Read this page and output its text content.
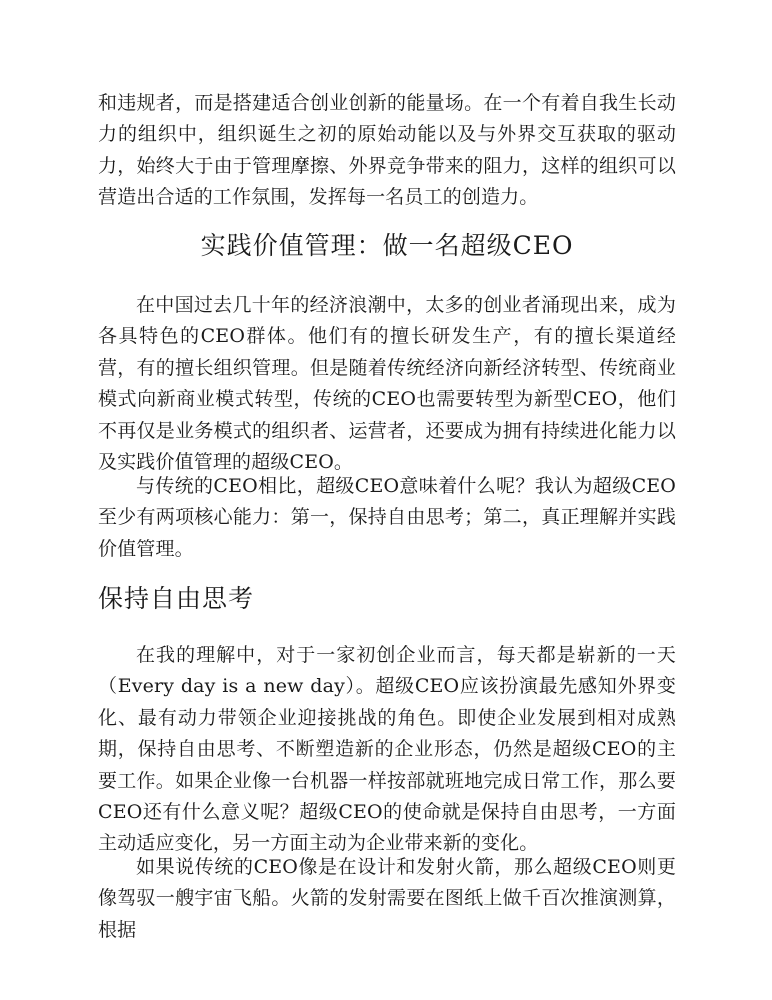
和违规者，而是搭建适合创业创新的能量场。在一个有着自我生长动力的组织中，组织诞生之初的原始动能以及与外界交互获取的驱动力，始终大于由于管理摩擦、外界竞争带来的阻力，这样的组织可以营造出合适的工作氛围，发挥每一名员工的创造力。

实践价值管理：做一名超级CEO

在中国过去几十年的经济浪潮中，太多的创业者涌现出来，成为各具特色的CEO群体。他们有的擅长研发生产，有的擅长渠道经营，有的擅长组织管理。但是随着传统经济向新经济转型、传统商业模式向新商业模式转型，传统的CEO也需要转型为新型CEO，他们不再仅是业务模式的组织者、运营者，还要成为拥有持续进化能力以及实践价值管理的超级CEO。

与传统的CEO相比，超级CEO意味着什么呢？我认为超级CEO至少有两项核心能力：第一，保持自由思考；第二，真正理解并实践价值管理。

保持自由思考

在我的理解中，对于一家初创企业而言，每天都是崭新的一天（Every day is a new day）。超级CEO应该扮演最先感知外界变化、最有动力带领企业迎接挑战的角色。即使企业发展到相对成熟期，保持自由思考、不断塑造新的企业形态，仍然是超级CEO的主要工作。如果企业像一台机器一样按部就班地完成日常工作，那么要CEO还有什么意义呢？超级CEO的使命就是保持自由思考，一方面主动适应变化，另一方面主动为企业带来新的变化。

如果说传统的CEO像是在设计和发射火箭，那么超级CEO则更像驾驭一艘宇宙飞船。火箭的发射需要在图纸上做千百次推演测算，根据
